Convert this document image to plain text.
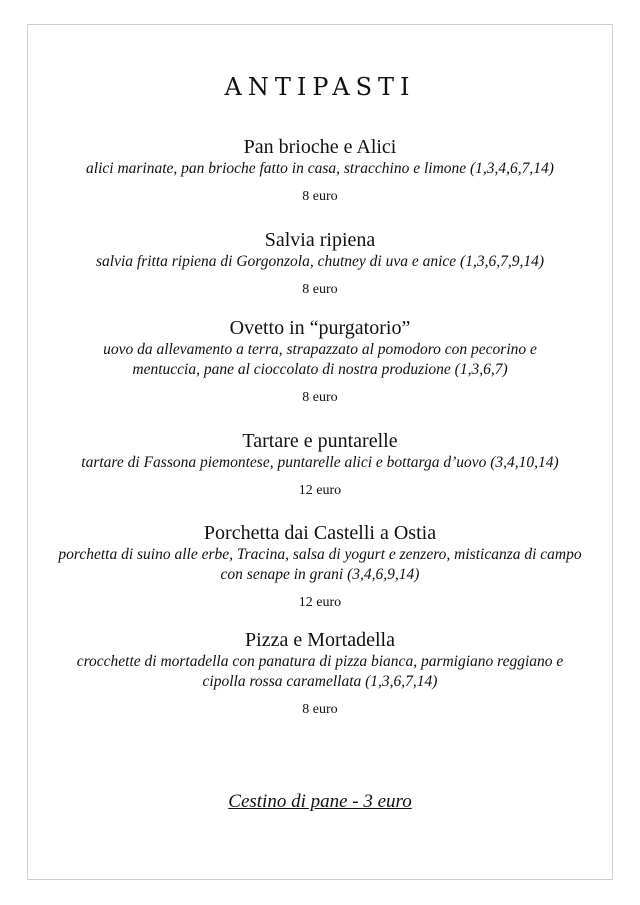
ANTIPASTI
Pan brioche e Alici
alici marinate, pan brioche fatto in casa, stracchino e limone (1,3,4,6,7,14)
8 euro
Salvia ripiena
salvia fritta ripiena di Gorgonzola, chutney di uva e anice (1,3,6,7,9,14)
8 euro
Ovetto in “purgatorio”
uovo da allevamento a terra, strapazzato al pomodoro con pecorino e mentuccia, pane al cioccolato di nostra produzione (1,3,6,7)
8 euro
Tartare e puntarelle
tartare di Fassona piemontese, puntarelle alici e bottarga d’uovo (3,4,10,14)
12 euro
Porchetta dai Castelli a Ostia
porchetta di suino alle erbe, Tracina, salsa di yogurt e zenzero, misticanza di campo con senape in grani (3,4,6,9,14)
12 euro
Pizza e Mortadella
crocchette di mortadella con panatura di pizza bianca, parmigiano reggiano e cipolla rossa caramellata (1,3,6,7,14)
8 euro
Cestino di pane - 3 euro
